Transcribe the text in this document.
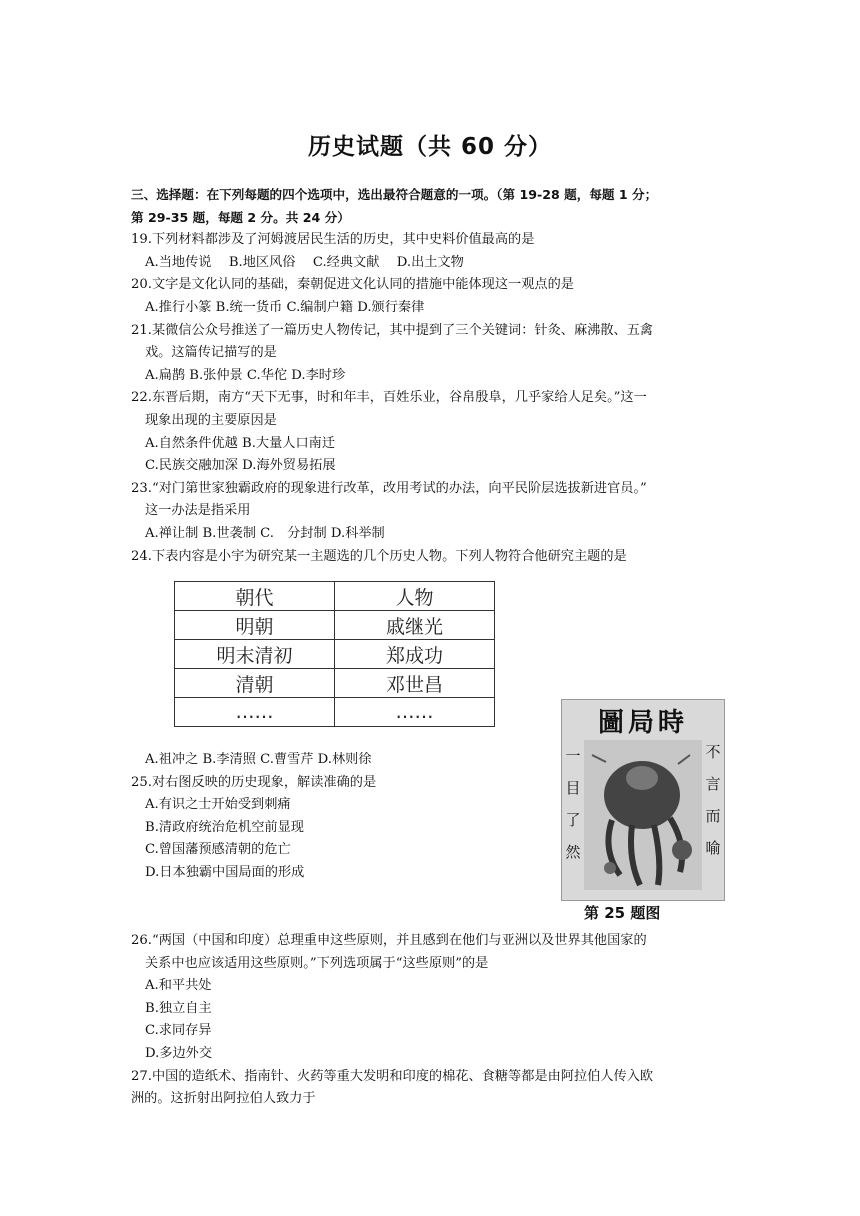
历史试题（共 60 分）
三、选择题：在下列每题的四个选项中，选出最符合题意的一项。（第 19-28 题，每题 1 分；
第 29-35 题，每题 2 分。共 24 分）
19.下列材料都涉及了河姆渡居民生活的历史，其中史料价值最高的是
A.当地传说　 B.地区风俗　 C.经典文献　 D.出土文物
20.文字是文化认同的基础，秦朝促进文化认同的措施中能体现这一观点的是
A.推行小篆 B.统一货币 C.编制户籍 D.颁行秦律
21.某微信公众号推送了一篇历史人物传记，其中提到了三个关键词：针灸、麻沸散、五禽
戏。这篇传记描写的是
A.扁鹊 B.张仲景 C.华佗 D.李时珍
22.东晋后期，南方“天下无事，时和年丰，百姓乐业，谷帛殷阜，几乎家给人足矣。”这一
现象出现的主要原因是
A.自然条件优越 B.大量人口南迁
C.民族交融加深 D.海外贸易拓展
23.“对门第世家独霸政府的现象进行改革，改用考试的办法，向平民阶层选拔新进官员。”
这一办法是指采用
A.禅让制 B.世袭制 C.　分封制 D.科举制
24.下表内容是小宇为研究某一主题选的几个历史人物。下列人物符合他研究主题的是
朝代	人物
明朝	戚继光
明末清初	郑成功
清朝	邓世昌
……	……
A.祖冲之 B.李清照 C.曹雪芹 D.林则徐
25.对右图反映的历史现象，解读准确的是
A.有识之士开始受到刺痛
B.清政府统治危机空前显现
C.曾国藩预感清朝的危亡
D.日本独霸中国局面的形成
圖局時
一
目
了
然
不
言
而
喻
第 25 题图
26.“两国（中国和印度）总理重申这些原则，并且感到在他们与亚洲以及世界其他国家的
关系中也应该适用这些原则。”下列选项属于“这些原则”的是
A.和平共处
B.独立自主
C.求同存异
D.多边外交
27.中国的造纸术、指南针、火药等重大发明和印度的棉花、食糖等都是由阿拉伯人传入欧
洲的。这折射出阿拉伯人致力于
